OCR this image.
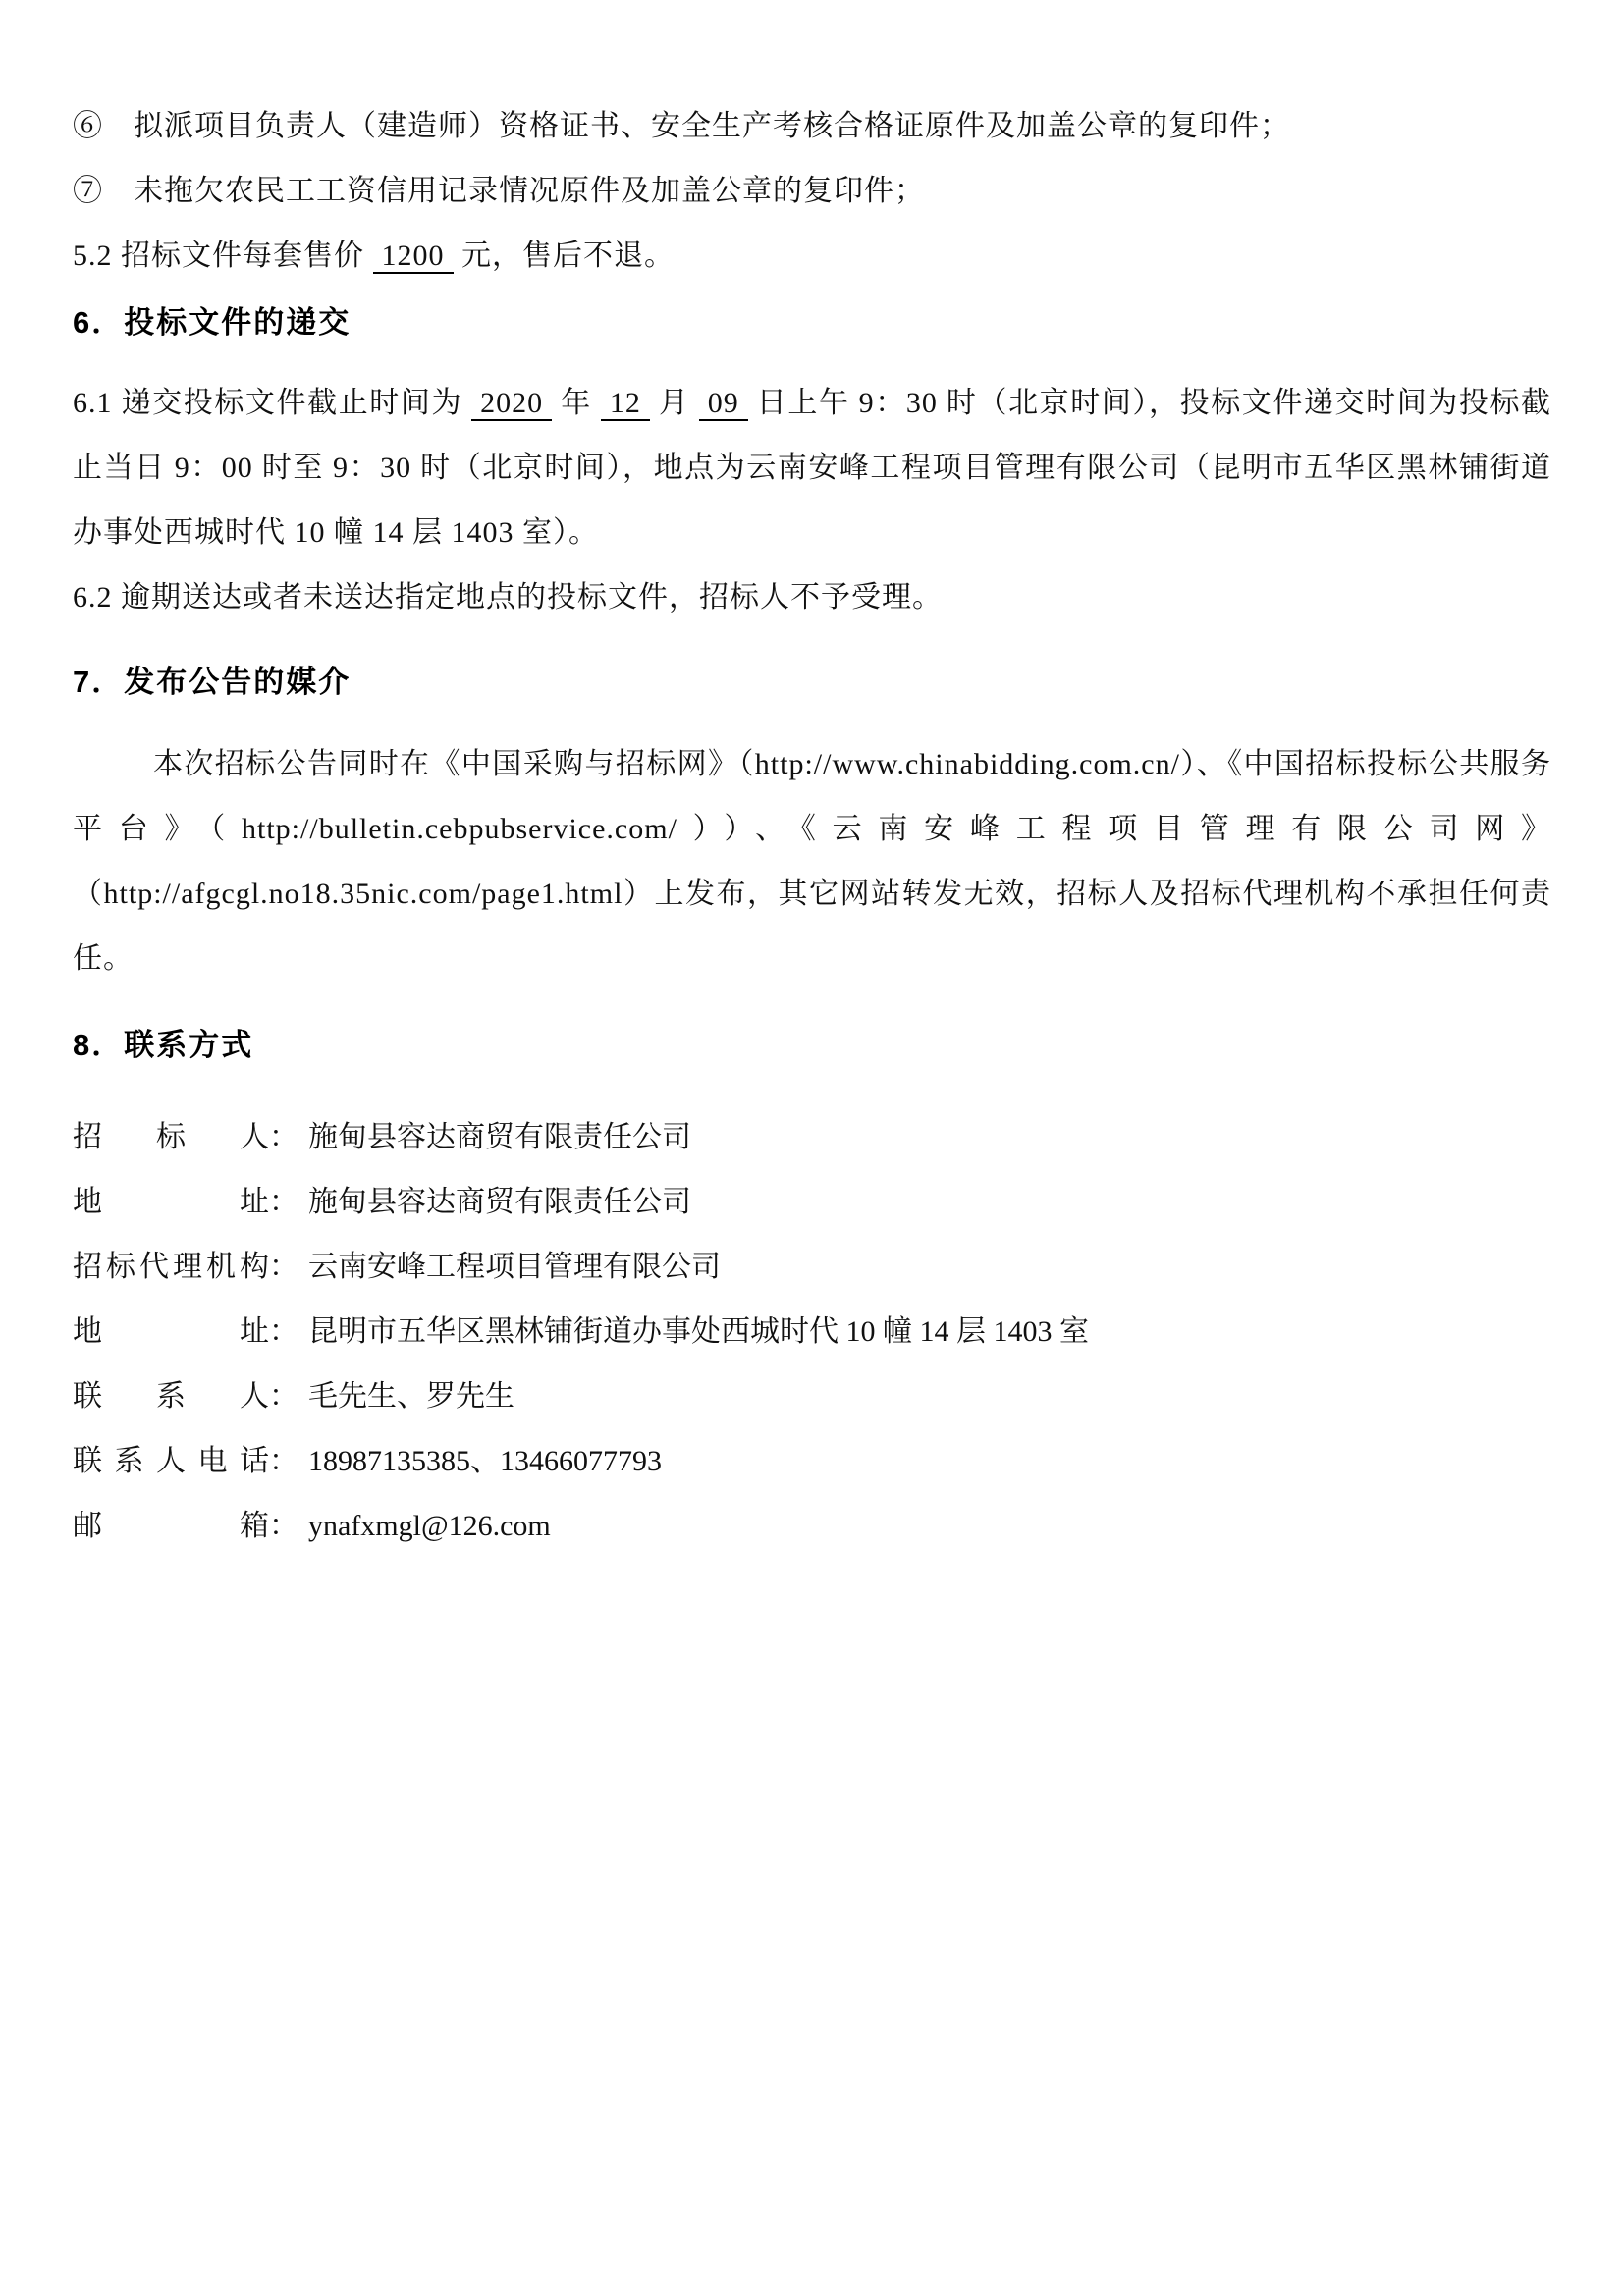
⑥　拟派项目负责人（建造师）资格证书、安全生产考核合格证原件及加盖公章的复印件；

⑦　未拖欠农民工工资信用记录情况原件及加盖公章的复印件；

5.2 招标文件每套售价 1200 元，售后不退。

6．投标文件的递交

6.1 递交投标文件截止时间为 2020 年 12 月 09 日上午 9：30 时（北京时间），投标文件递交时间为投标截止当日 9：00 时至 9：30 时（北京时间），地点为云南安峰工程项目管理有限公司（昆明市五华区黑林铺街道办事处西城时代 10 幢 14 层 1403 室）。

6.2 逾期送达或者未送达指定地点的投标文件，招标人不予受理。

7．发布公告的媒介

本次招标公告同时在《中国采购与招标网》（http://www.chinabidding.com.cn/）、《中国招标投标公共服务平台》（http://bulletin.cebpubservice.com/））、《云南安峰工程项目管理有限公司网》（http://afgcgl.no18.35nic.com/page1.html）上发布，其它网站转发无效，招标人及招标代理机构不承担任何责任。

8．联系方式
招标人： 施甸县容达商贸有限责任公司
地址： 施甸县容达商贸有限责任公司
招标代理机构： 云南安峰工程项目管理有限公司
地址： 昆明市五华区黑林铺街道办事处西城时代 10 幢 14 层 1403 室
联系人： 毛先生、罗先生
联系人电话： 18987135385、13466077793
邮箱： ynafxmgl@126.com
